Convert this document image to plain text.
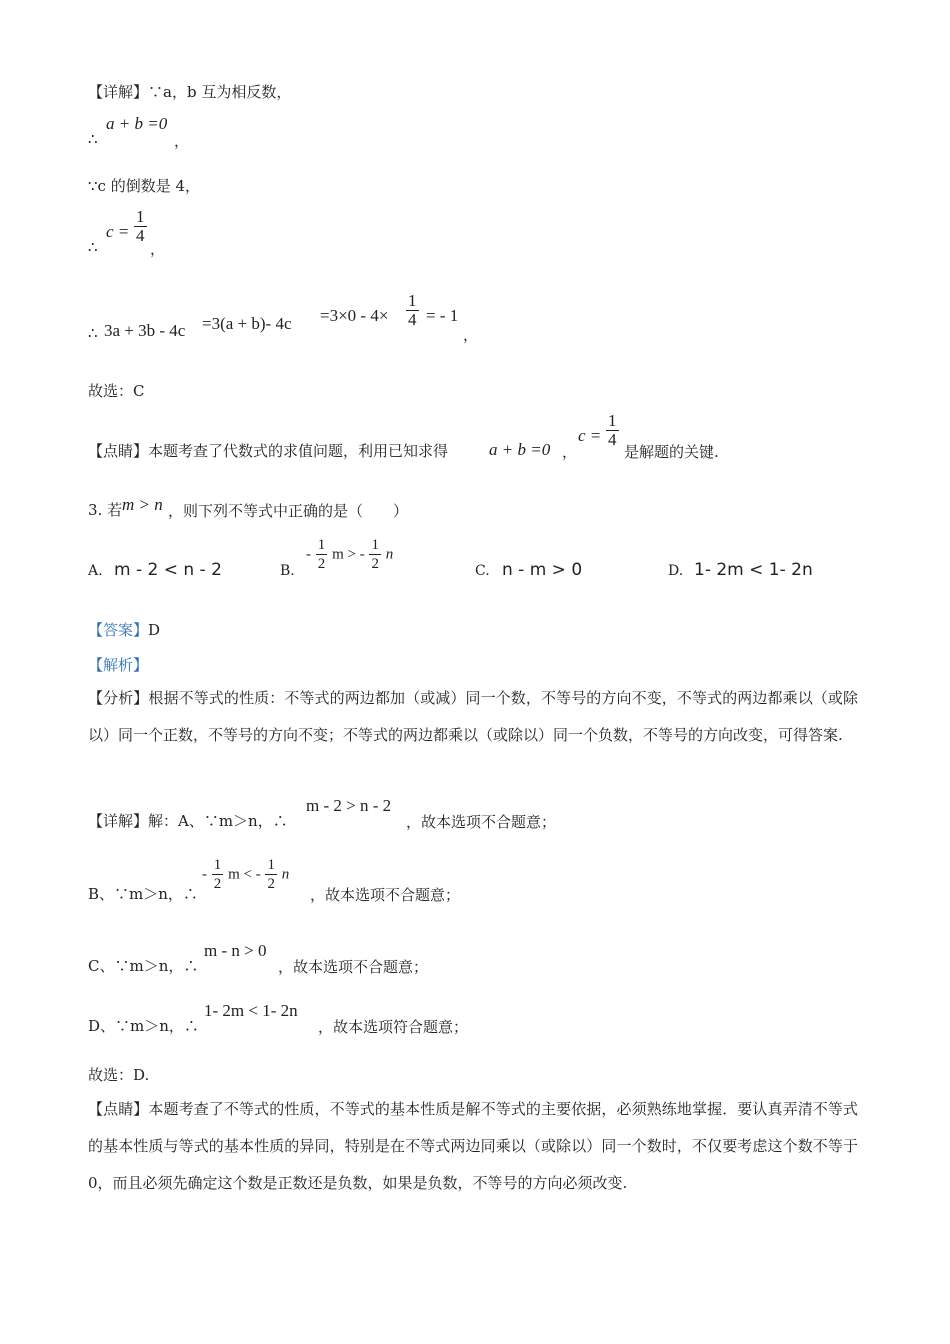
【详解】∵a，b 互为相反数，
∴
a + b =0
，
∵c 的倒数是 4，
∴
$c = \frac{1}{4}$
，
∴ 3a + 3b - 4c =3(a + b)- $4c =3\times 0 - 4\times \frac{1}{4}$ = - 1
，
故选：C
【点睛】本题考查了代数式的求值问题，利用已知求得 a + b =0 ，
$c = \frac{1}{4}$
是解题的关键.
3. 若 m > n ，则下列不等式中正确的是（　　）
A. m - 2 < n - 2	B.
- $\frac{1}{2}$ m > - $\frac{1}{2}$ n
C. n - m > 0	D. 1- 2m < 1- 2n
【答案】D
【解析】
【分析】根据不等式的性质：不等式的两边都加（或减）同一个数，不等号的方向不变，不等式的两边都乘以（或除以）同一个正数，不等号的方向不变；不等式的两边都乘以（或除以）同一个负数，不等号的方向改变，可得答案.
【详解】解：A、∵m＞n，∴
m - 2 > n - 2
，故本选项不合题意；
B、∵m＞n，∴
- $\frac{1}{2}$ m < - $\frac{1}{2}$ n
，故本选项不合题意；
C、∵m＞n，∴
m - n > 0
，故本选项不合题意；
D、∵m＞n，∴
1- 2m < 1- 2n
，故本选项符合题意；
故选：D.
【点睛】本题考查了不等式的性质，不等式的基本性质是解不等式的主要依据，必须熟练地掌握．要认真弄清不等式的基本性质与等式的基本性质的异同，特别是在不等式两边同乘以（或除以）同一个数时，不仅要考虑这个数不等于0，而且必须先确定这个数是正数还是负数，如果是负数，不等号的方向必须改变.
